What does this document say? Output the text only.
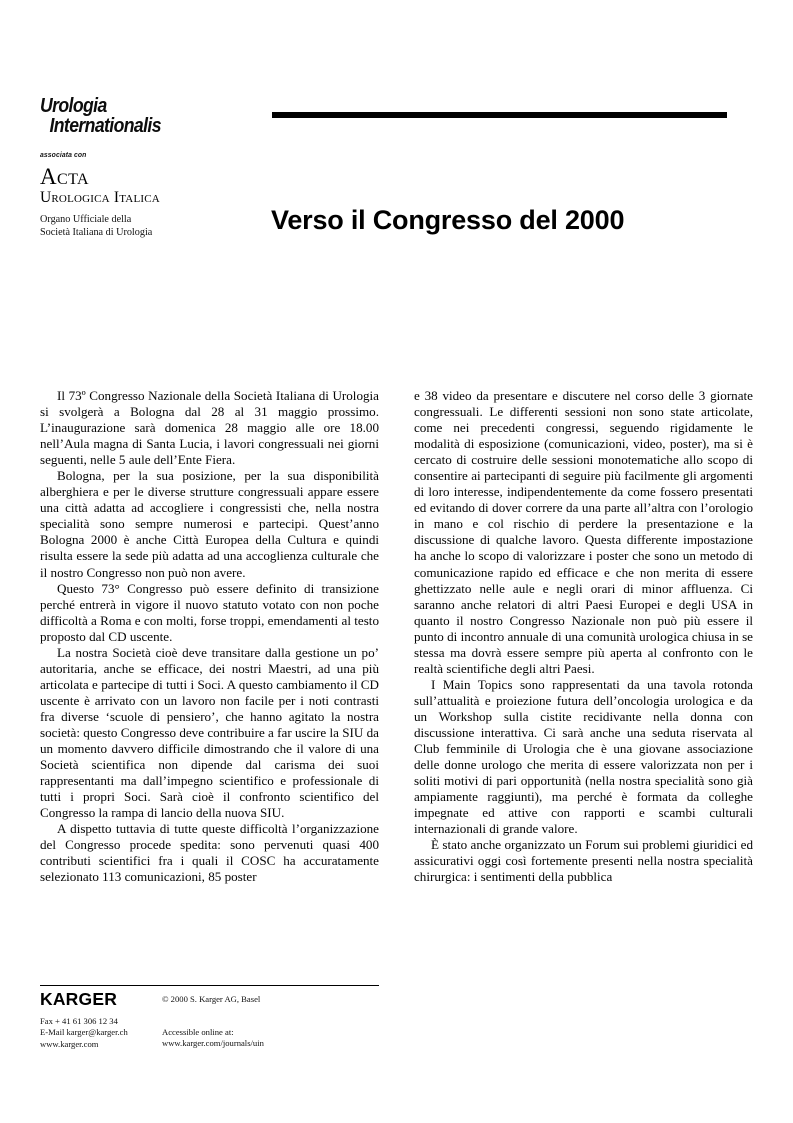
Urologia
Internationalis
associata con
Acta
Urologica Italica
Organo Ufficiale della
Società Italiana di Urologia	Verso il Congresso del 2000

Il 73º Congresso Nazionale della Società Italiana di Urologia si svolgerà a Bologna dal 28 al 31 maggio prossimo. L’inaugurazione sarà domenica 28 maggio alle ore 18.00 nell’Aula magna di Santa Lucia, i lavori congressuali nei giorni seguenti, nelle 5 aule dell’Ente Fiera.

Bologna, per la sua posizione, per la sua disponibilità alberghiera e per le diverse strutture congressuali appare essere una città adatta ad accogliere i congressisti che, nella nostra specialità sono sempre numerosi e partecipi. Quest’anno Bologna 2000 è anche Città Europea della Cultura e quindi risulta essere la sede più adatta ad una accoglienza culturale che il nostro Congresso non può non avere.

Questo 73° Congresso può essere definito di transizione perché entrerà in vigore il nuovo statuto votato con non poche difficoltà a Roma e con molti, forse troppi, emendamenti al testo proposto dal CD uscente.

La nostra Società cioè deve transitare dalla gestione un po’ autoritaria, anche se efficace, dei nostri Maestri, ad una più articolata e partecipe di tutti i Soci. A questo cambiamento il CD uscente è arrivato con un lavoro non facile per i noti contrasti fra diverse ‘scuole di pensiero’, che hanno agitato la nostra società: questo Congresso deve contribuire a far uscire la SIU da un momento davvero difficile dimostrando che il valore di una Società scientifica non dipende dal carisma dei suoi rappresentanti ma dall’impegno scientifico e professionale di tutti i propri Soci. Sarà cioè il confronto scientifico del Congresso la rampa di lancio della nuova SIU.

A dispetto tuttavia di tutte queste difficoltà l’organizzazione del Congresso procede spedita: sono pervenuti quasi 400 contributi scientifici fra i quali il COSC ha accuratamente selezionato 113 comunicazioni, 85 poster

e 38 video da presentare e discutere nel corso delle 3 giornate congressuali. Le differenti sessioni non sono state articolate, come nei precedenti congressi, seguendo rigidamente le modalità di esposizione (comunicazioni, video, poster), ma si è cercato di costruire delle sessioni monotematiche allo scopo di consentire ai partecipanti di seguire più facilmente gli argomenti di loro interesse, indipendentemente da come fossero presentati ed evitando di dover correre da una parte all’altra con l’orologio in mano e col rischio di perdere la presentazione e la discussione di qualche lavoro. Questa differente impostazione ha anche lo scopo di valorizzare i poster che sono un metodo di comunicazione rapido ed efficace e che non merita di essere ghettizzato nelle aule e negli orari di minor affluenza. Ci saranno anche relatori di altri Paesi Europei e degli USA in quanto il nostro Congresso Nazionale non può più essere il punto di incontro annuale di una comunità urologica chiusa in se stessa ma dovrà essere sempre più aperta al confronto con le realtà scientifiche degli altri Paesi.

I Main Topics sono rappresentati da una tavola rotonda sull’attualità e proiezione futura dell’oncologia urologica e da un Workshop sulla cistite recidivante nella donna con discussione interattiva. Ci sarà anche una seduta riservata al Club femminile di Urologia che è una giovane associazione delle donne urologo che merita di essere valorizzata non per i soliti motivi di pari opportunità (nella nostra specialità sono già ampiamente raggiunti), ma perché è formata da colleghe impegnate ed attive con rapporti e scambi culturali internazionali di grande valore.

È stato anche organizzato un Forum sui problemi giuridici ed assicurativi oggi così fortemente presenti nella nostra specialità chirurgica: i sentimenti della pubblica

KARGER	© 2000 S. Karger AG, Basel
Fax + 41 61 306 12 34
E-Mail karger@karger.ch
www.karger.com
Accessible online at:
www.karger.com/journals/uin
